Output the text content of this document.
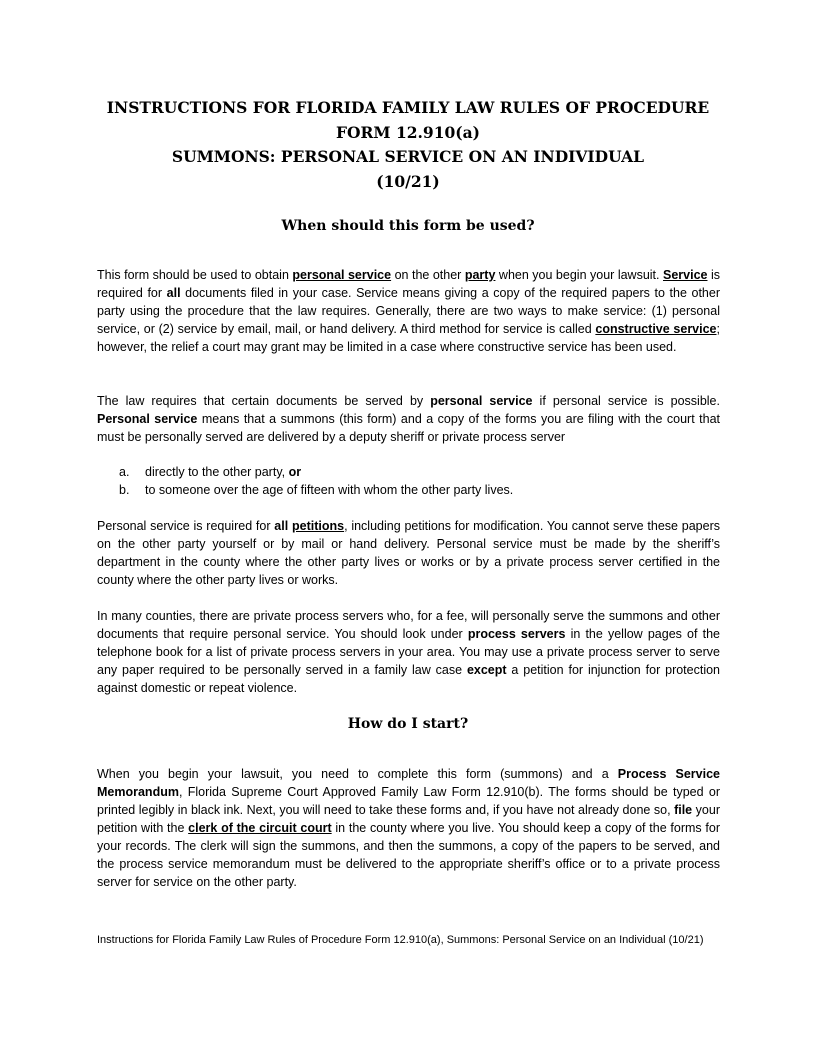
INSTRUCTIONS FOR FLORIDA FAMILY LAW RULES OF PROCEDURE
FORM 12.910(a)
SUMMONS: PERSONAL SERVICE ON AN INDIVIDUAL
(10/21)
When should this form be used?

This form should be used to obtain personal service on the other party when you begin your lawsuit. Service is required for all documents filed in your case. Service means giving a copy of the required papers to the other party using the procedure that the law requires. Generally, there are two ways to make service: (1) personal service, or (2) service by email, mail, or hand delivery. A third method for service is called constructive service; however, the relief a court may grant may be limited in a case where constructive service has been used.

The law requires that certain documents be served by personal service if personal service is possible. Personal service means that a summons (this form) and a copy of the forms you are filing with the court that must be personally served are delivered by a deputy sheriff or private process server

a. directly to the other party, or
b. to someone over the age of fifteen with whom the other party lives.

Personal service is required for all petitions, including petitions for modification. You cannot serve these papers on the other party yourself or by mail or hand delivery. Personal service must be made by the sheriff’s department in the county where the other party lives or works or by a private process server certified in the county where the other party lives or works.

In many counties, there are private process servers who, for a fee, will personally serve the summons and other documents that require personal service. You should look under process servers in the yellow pages of the telephone book for a list of private process servers in your area. You may use a private process server to serve any paper required to be personally served in a family law case except a petition for injunction for protection against domestic or repeat violence.

How do I start?

When you begin your lawsuit, you need to complete this form (summons) and a Process Service Memorandum, Florida Supreme Court Approved Family Law Form 12.910(b). The forms should be typed or printed legibly in black ink. Next, you will need to take these forms and, if you have not already done so, file your petition with the clerk of the circuit court in the county where you live. You should keep a copy of the forms for your records. The clerk will sign the summons, and then the summons, a copy of the papers to be served, and the process service memorandum must be delivered to the appropriate sheriff’s office or to a private process server for service on the other party.

Instructions for Florida Family Law Rules of Procedure Form 12.910(a), Summons: Personal Service on an Individual (10/21)
